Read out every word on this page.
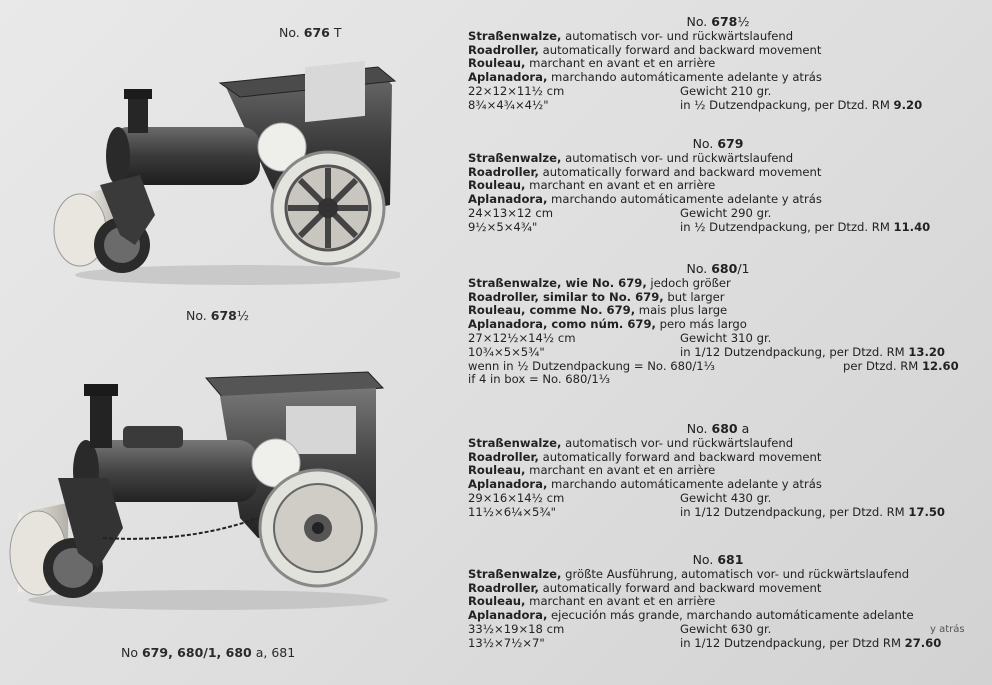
No. 676 T
No. 678½
No 679, 680/1, 680 a, 681
No. 678½
Straßenwalze, automatisch vor- und rückwärtslaufend
Roadroller, automatically forward and backward movement
Rouleau, marchant en avant et en arrière
Aplanadora, marchando automáticamente adelante y atrás
22×12×11½ cm	Gewicht 210 gr.
8¾×4¾×4½"	in ½ Dutzendpackung, per Dtzd. RM 9.20
No. 679
Straßenwalze, automatisch vor- und rückwärtslaufend
Roadroller, automatically forward and backward movement
Rouleau, marchant en avant et en arrière
Aplanadora, marchando automáticamente adelante y atrás
24×13×12 cm	Gewicht 290 gr.
9½×5×4¾"	in ½ Dutzendpackung, per Dtzd. RM 11.40
No. 680/1
Straßenwalze, wie No. 679, jedoch größer
Roadroller, similar to No. 679, but larger
Rouleau, comme No. 679, mais plus large
Aplanadora, como núm. 679, pero más largo
27×12½×14½ cm	Gewicht 310 gr.
10¾×5×5¾"	in 1/12 Dutzendpackung, per Dtzd. RM 13.20
wenn in ½ Dutzendpackung = No. 680/1⅓	per Dtzd. RM 12.60
if 4 in box = No. 680/1⅓
No. 680 a
Straßenwalze, automatisch vor- und rückwärtslaufend
Roadroller, automatically forward and backward movement
Rouleau, marchant en avant et en arrière
Aplanadora, marchando automáticamente adelante y atrás
29×16×14½ cm	Gewicht 430 gr.
11½×6¼×5¾"	in 1/12 Dutzendpackung, per Dtzd. RM 17.50
No. 681
Straßenwalze, größte Ausführung, automatisch vor- und rückwärtslaufend
Roadroller, automatically forward and backward movement
Rouleau, marchant en avant et en arrière
Aplanadora, ejecución más grande, marchando automáticamente adelante
33½×19×18 cm	Gewicht 630 gr.	y atrás
13½×7½×7"	in 1/12 Dutzendpackung, per Dtzd RM 27.60
